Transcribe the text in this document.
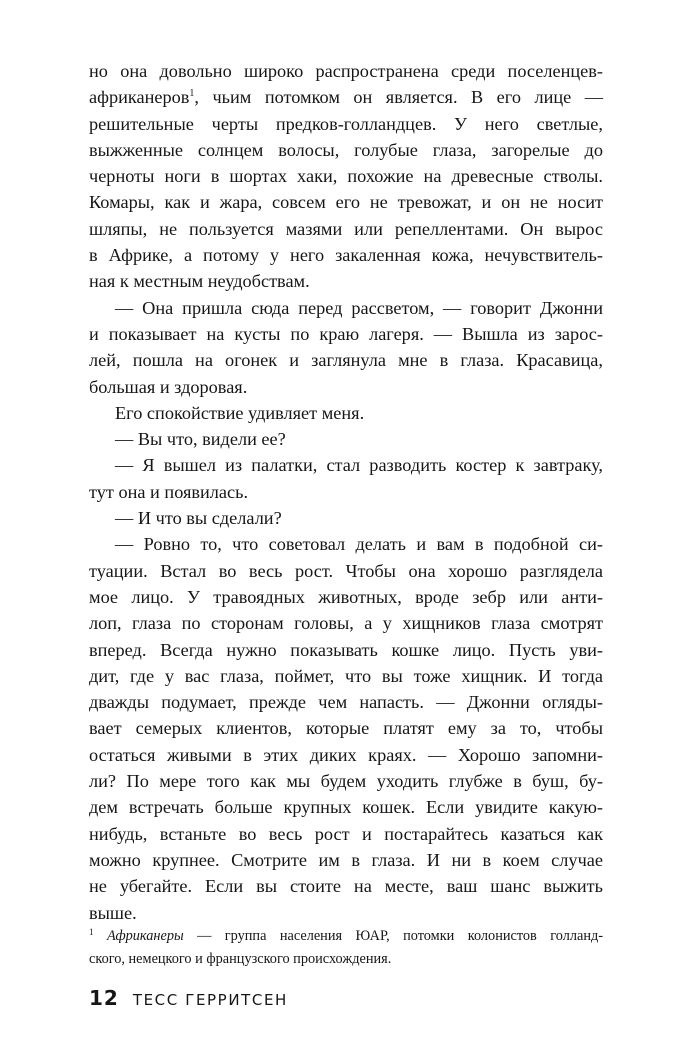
но она довольно широко распространена среди поселенцев-
африканеров$^1$, чьим потомком он является. В его лице —
решительные черты предков-голландцев. У него светлые,
выжженные солнцем волосы, голубые глаза, загорелые до
черноты ноги в шортах хаки, похожие на древесные стволы.
Комары, как и жара, совсем его не тревожат, и он не носит
шляпы, не пользуется мазями или репеллентами. Он вырос
в Африке, а потому у него закаленная кожа, нечувствитель-
ная к местным неудобствам.
— Она пришла сюда перед рассветом, — говорит Джонни
и показывает на кусты по краю лагеря. — Вышла из зарос-
лей, пошла на огонек и заглянула мне в глаза. Красавица,
большая и здоровая.
Его спокойствие удивляет меня.
— Вы что, видели ее?
— Я вышел из палатки, стал разводить костер к завтраку,
тут она и появилась.
— И что вы сделали?
— Ровно то, что советовал делать и вам в подобной си-
туации. Встал во весь рост. Чтобы она хорошо разглядела
мое лицо. У травоядных животных, вроде зебр или анти-
лоп, глаза по сторонам головы, а у хищников глаза смотрят
вперед. Всегда нужно показывать кошке лицо. Пусть уви-
дит, где у вас глаза, поймет, что вы тоже хищник. И тогда
дважды подумает, прежде чем напасть. — Джонни огляды-
вает семерых клиентов, которые платят ему за то, чтобы
остаться живыми в этих диких краях. — Хорошо запомни-
ли? По мере того как мы будем уходить глубже в буш, бу-
дем встречать больше крупных кошек. Если увидите какую-
нибудь, встаньте во весь рост и постарайтесь казаться как
можно крупнее. Смотрите им в глаза. И ни в коем случае
не убегайте. Если вы стоите на месте, ваш шанс выжить
выше.
$^1$ Африканеры — группа населения ЮАР, потомки колонистов голланд-
ского, немецкого и французского происхождения.
12 ТЕСС ГЕРРИТСЕН
